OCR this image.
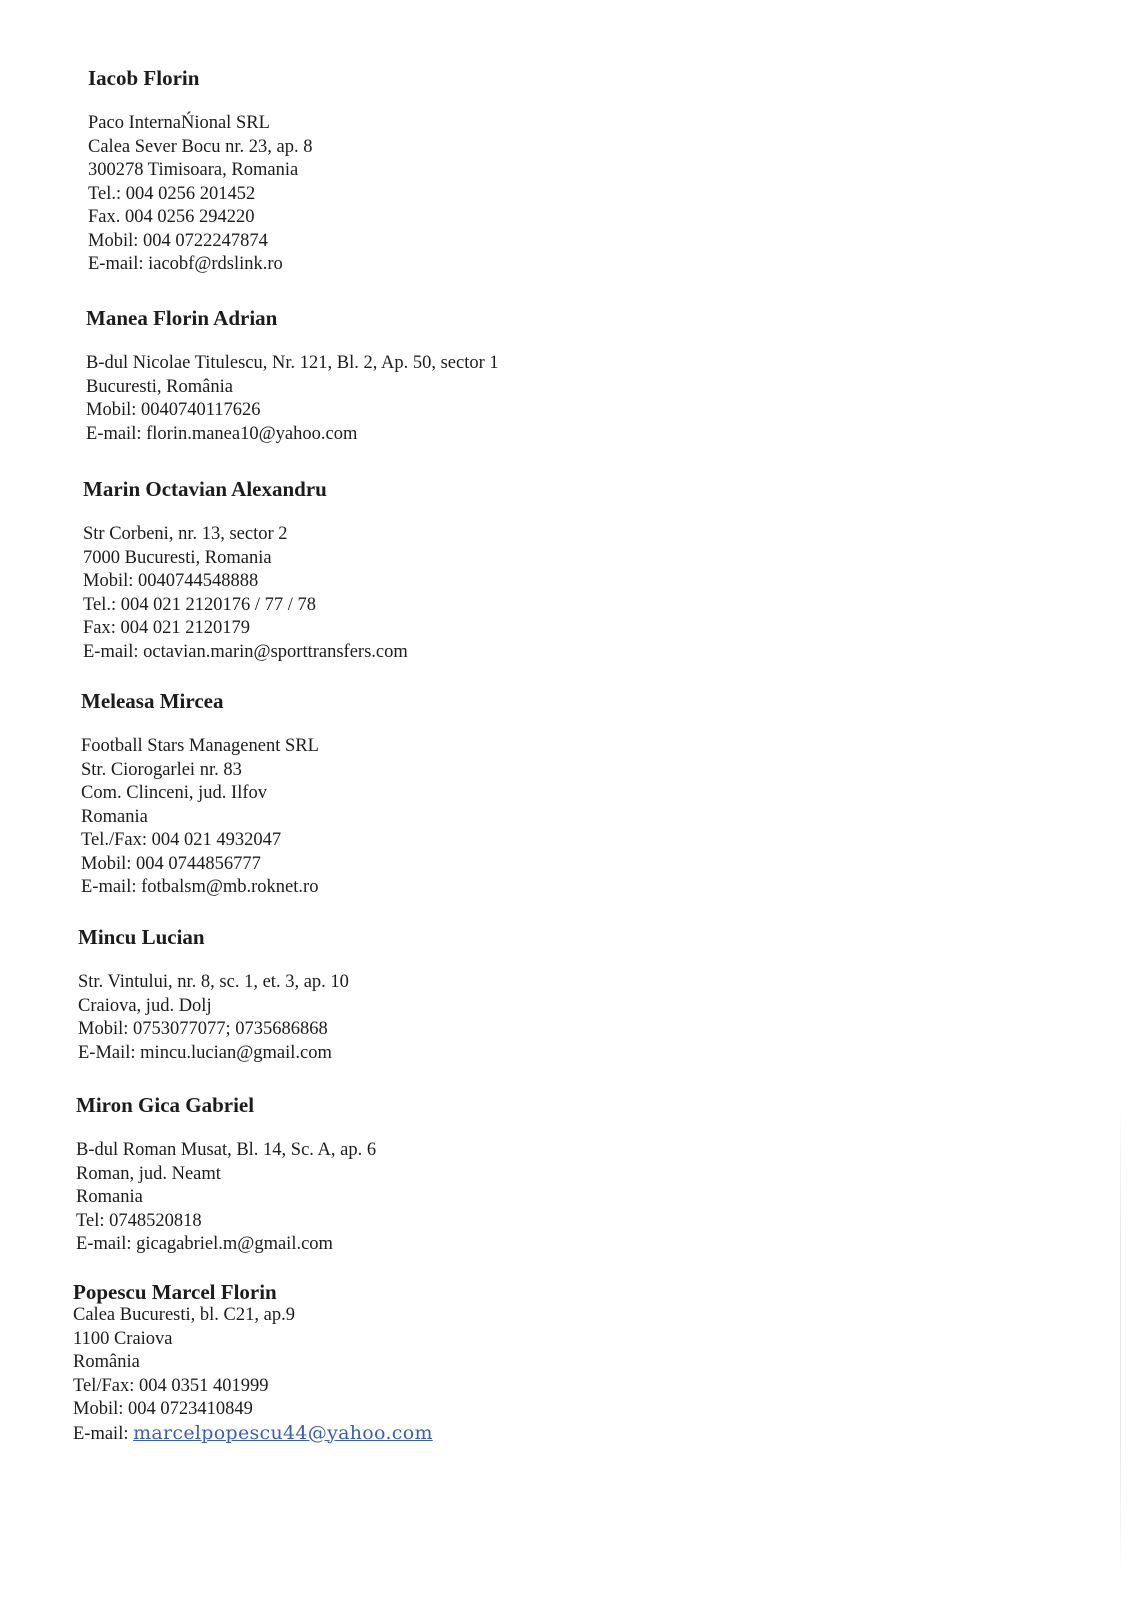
Iacob Florin
Paco InternaŃional SRL
Calea Sever Bocu nr. 23, ap. 8
300278 Timisoara, Romania
Tel.: 004 0256 201452
Fax. 004 0256 294220
Mobil: 004 0722247874
E-mail: iacobf@rdslink.ro
Manea Florin Adrian
B-dul Nicolae Titulescu, Nr. 121, Bl. 2, Ap. 50, sector 1
Bucuresti, România
Mobil: 0040740117626
E-mail: florin.manea10@yahoo.com
Marin Octavian Alexandru
Str Corbeni, nr. 13, sector 2
7000 Bucuresti, Romania
Mobil: 0040744548888
Tel.: 004 021 2120176 / 77 / 78
Fax: 004 021 2120179
E-mail: octavian.marin@sporttransfers.com
Meleasa Mircea
Football Stars Managenent SRL
Str. Ciorogarlei nr. 83
Com. Clinceni, jud. Ilfov
Romania
Tel./Fax: 004 021 4932047
Mobil: 004 0744856777
E-mail: fotbalsm@mb.roknet.ro
Mincu Lucian
Str. Vintului, nr. 8, sc. 1, et. 3, ap. 10
Craiova, jud. Dolj
Mobil: 0753077077; 0735686868
E-Mail: mincu.lucian@gmail.com
Miron Gica Gabriel
B-dul Roman Musat, Bl. 14, Sc. A, ap. 6
Roman, jud. Neamt
Romania
Tel: 0748520818
E-mail: gicagabriel.m@gmail.com
Popescu Marcel Florin
Calea Bucuresti, bl. C21, ap.9
1100 Craiova
România
Tel/Fax: 004 0351 401999
Mobil: 004 0723410849
E-mail: marcelpopescu44@yahoo.com
